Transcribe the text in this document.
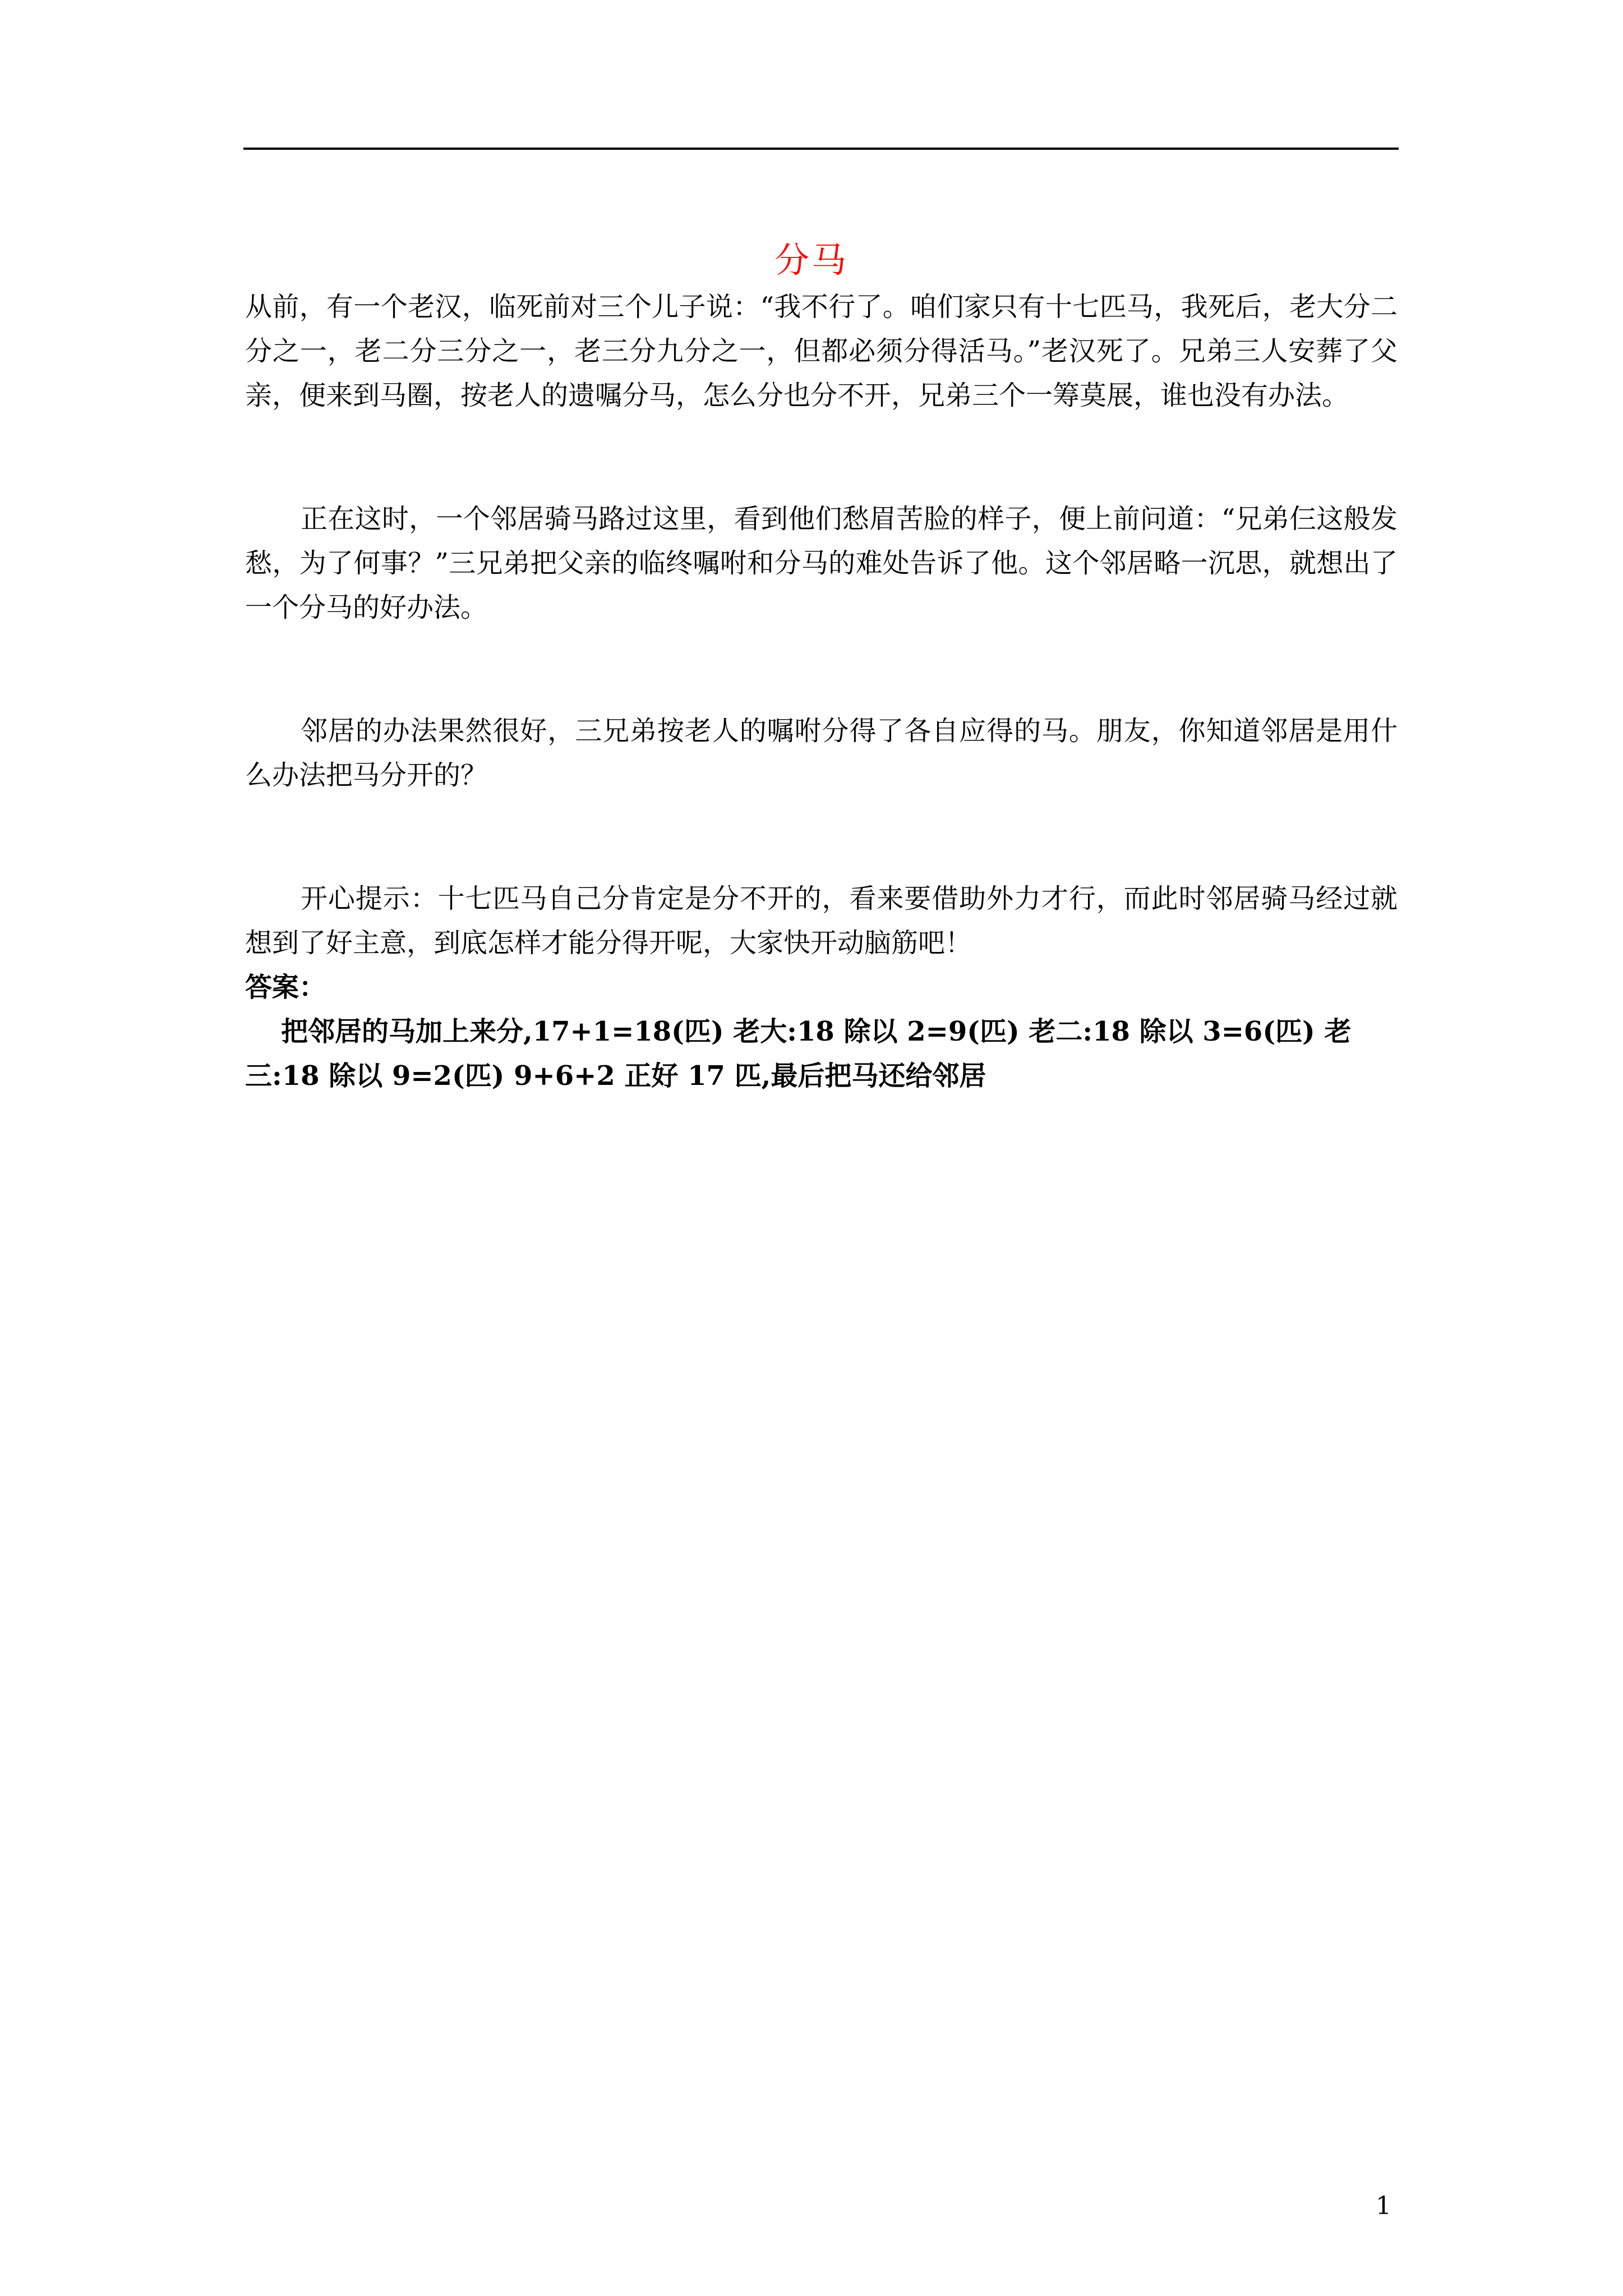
分马

从前，有一个老汉，临死前对三个儿子说：“我不行了。咱们家只有十七匹马，我死后，老大分二分之一，老二分三分之一，老三分九分之一，但都必须分得活马。”老汉死了。兄弟三人安葬了父亲，便来到马圈，按老人的遗嘱分马，怎么分也分不开，兄弟三个一筹莫展，谁也没有办法。

正在这时，一个邻居骑马路过这里，看到他们愁眉苦脸的样子，便上前问道：“兄弟仨这般发愁，为了何事？”三兄弟把父亲的临终嘱咐和分马的难处告诉了他。这个邻居略一沉思，就想出了一个分马的好办法。

邻居的办法果然很好，三兄弟按老人的嘱咐分得了各自应得的马。朋友，你知道邻居是用什么办法把马分开的？

开心提示：十七匹马自己分肯定是分不开的，看来要借助外力才行，而此时邻居骑马经过就想到了好主意，到底怎样才能分得开呢，大家快开动脑筋吧！

答案：

把邻居的马加上来分,17+1=18(匹) 老大:18 除以 2=9(匹) 老二:18 除以 3=6(匹) 老三:18 除以 9=2(匹) 9+6+2 正好 17 匹,最后把马还给邻居

1
